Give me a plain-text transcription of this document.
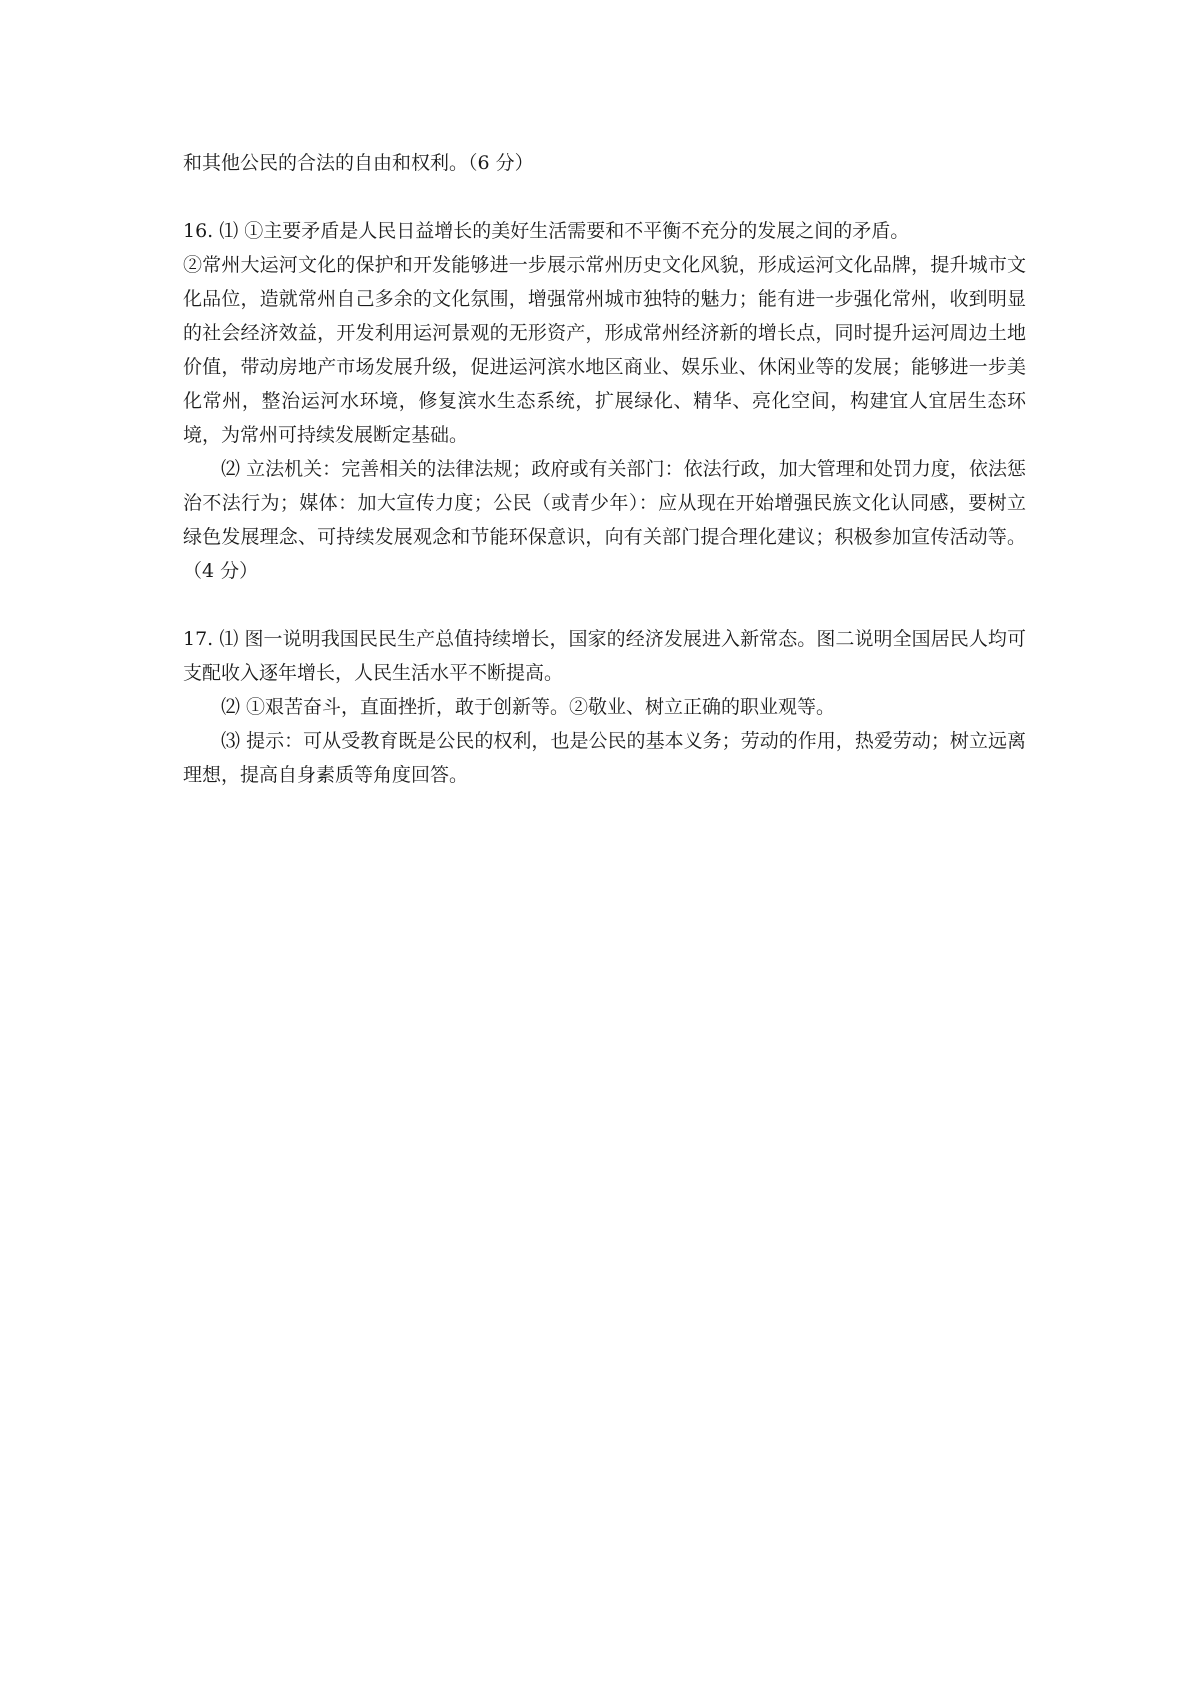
和其他公民的合法的自由和权利。（6 分）

16. ⑴ ①主要矛盾是人民日益增长的美好生活需要和不平衡不充分的发展之间的矛盾。

②常州大运河文化的保护和开发能够进一步展示常州历史文化风貌，形成运河文化品牌，提升城市文化品位，造就常州自己多余的文化氛围，增强常州城市独特的魅力；能有进一步强化常州，收到明显的社会经济效益，开发利用运河景观的无形资产，形成常州经济新的增长点，同时提升运河周边土地价值，带动房地产市场发展升级，促进运河滨水地区商业、娱乐业、休闲业等的发展；能够进一步美化常州，整治运河水环境，修复滨水生态系统，扩展绿化、精华、亮化空间，构建宜人宜居生态环境，为常州可持续发展断定基础。

⑵ 立法机关：完善相关的法律法规；政府或有关部门：依法行政，加大管理和处罚力度，依法惩治不法行为；媒体：加大宣传力度；公民（或青少年）：应从现在开始增强民族文化认同感，要树立绿色发展理念、可持续发展观念和节能环保意识，向有关部门提合理化建议；积极参加宣传活动等。（4 分）

17. ⑴ 图一说明我国民民生产总值持续增长，国家的经济发展进入新常态。图二说明全国居民人均可支配收入逐年增长，人民生活水平不断提高。

⑵ ①艰苦奋斗，直面挫折，敢于创新等。②敬业、树立正确的职业观等。

⑶ 提示：可从受教育既是公民的权利，也是公民的基本义务；劳动的作用，热爱劳动；树立远离理想，提高自身素质等角度回答。
